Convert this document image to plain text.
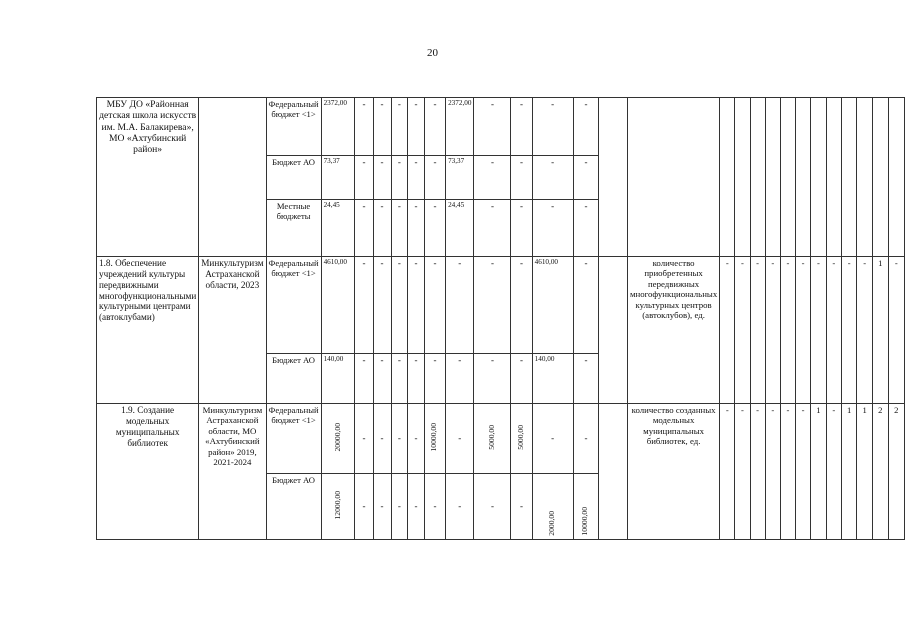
20
МБУ ДО «Районная детская школа искусств им. М.А. Балакирева», МО «Ахтубинский район»		Федеральный бюджет <1>	2372,00	-	-	-	-	-	2372,00	-	-	-	-														
		Бюджет АО	73,37	-	-	-	-	-	73,37	-	-	-	-														
		Местные бюджеты	24,45	-	-	-	-	-	24,45	-	-	-	-														
1.8. Обеспечение учреждений культуры передвижными многофункциональными культурными центрами (автоклубами)	Минкультуризм Астраханской области, 2023	Федеральный бюджет <1>	4610,00	-	-	-	-	-	-	-	-	4610,00	-		количество приобретенных передвижных многофункциональных культурных центров (автоклубов), ед.	-	-	-	-	-	-	-	-	-	-	1	-
		Бюджет АО	140,00	-	-	-	-	-	-	-	-	140,00	-														
1.9. Создание модельных муниципальных библиотек	Минкультуризм Астраханской области, МО «Ахтубинский район» 2019, 2021-2024	Федеральный бюджет <1>	20000,00	-	-	-	-	10000,00	-	5000,00	5000,00	-	-		количество созданных модельных муниципальных библиотек, ед.	-	-	-	-	-	-	1	-	1	1	2	2
		Бюджет АО	12000,00	-	-	-	-	-	-	-	-	2000,00	10000,00														
